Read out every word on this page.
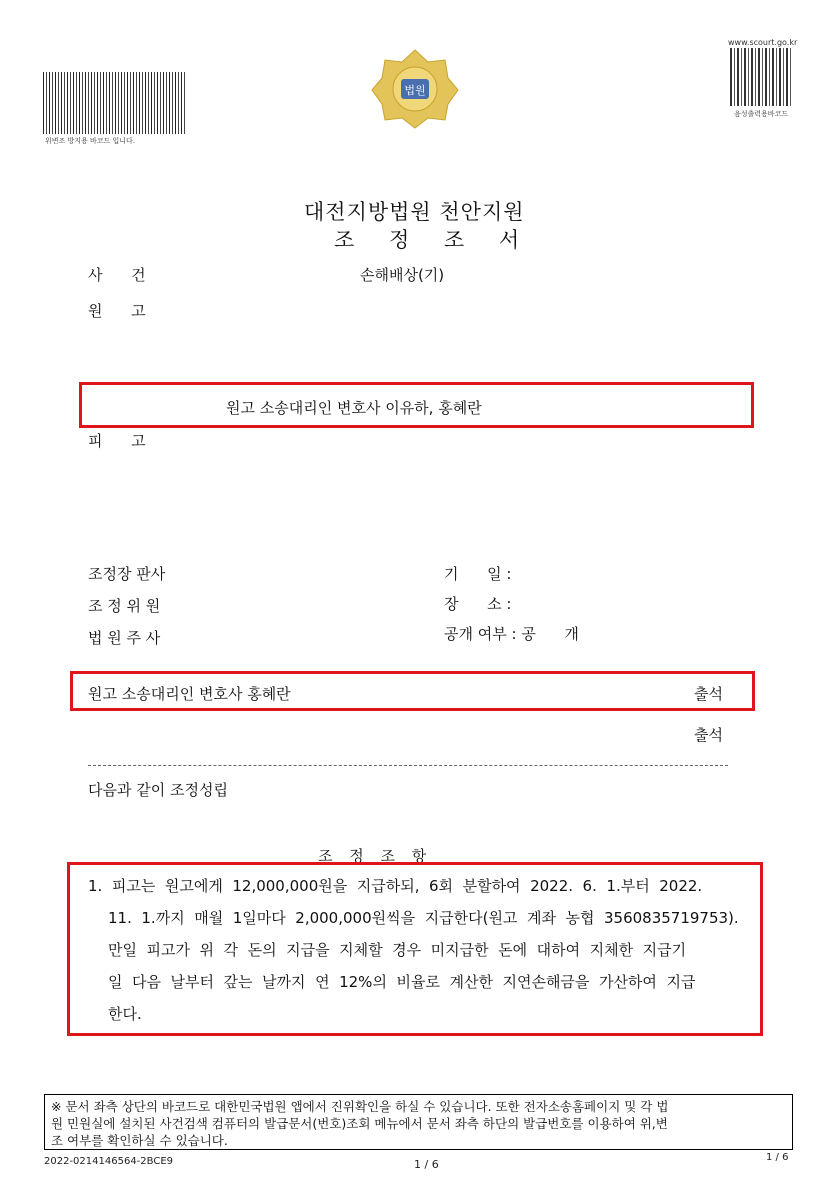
위변조 방지용 바코드 입니다.
법원
www.scourt.go.kr
음성출력용바코드
대전지방법원 천안지원
조 정 조 서
사      건	손해배상(기)
원      고
원고 소송대리인 변호사 이유하, 홍혜란
피      고
조정장 판사
조 정 위 원
법 원 주 사
기      일 :
장      소 :
공개 여부 : 공      개
원고 소송대리인 변호사 홍혜란	출석
출석
다음과 같이 조정성립
조 정 조 항
1.  피고는  원고에게  12,000,000원을  지급하되,  6회  분할하여  2022.  6.  1.부터  2022.
11.  1.까지  매월  1일마다  2,000,000원씩을  지급한다(원고  계좌  농협  3560835719753).
만일  피고가  위  각  돈의  지급을  지체할  경우  미지급한  돈에  대하여  지체한  지급기
일  다음  날부터  갚는  날까지  연  12%의  비율로  계산한  지연손해금을  가산하여  지급
한다.
※ 문서 좌측 상단의 바코드로 대한민국법원 앱에서 진위확인을 하실 수 있습니다. 또한 전자소송홈페이지 및 각 법
원 민원실에 설치된 사건검색 컴퓨터의 발급문서(번호)조회 메뉴에서 문서 좌측 하단의 발급번호를 이용하여 위,변
조 여부를 확인하실 수 있습니다.
2022-0214146564-2BCE9	1 / 6
1 / 6
